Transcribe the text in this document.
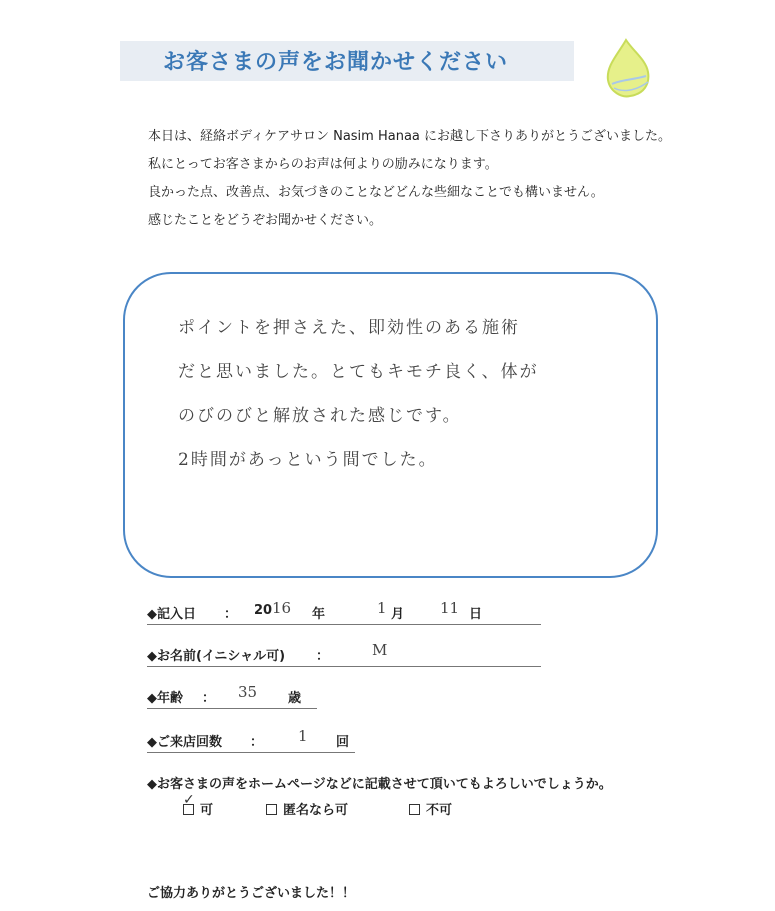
お客さまの声をお聞かせください
本日は、経絡ボディケアサロン Nasim Hanaa にお越し下さりありがとうございました。
私にとってお客さまからのお声は何よりの励みになります。
良かった点、改善点、お気づきのことなどどんな些細なことでも構いません。
感じたことをどうぞお聞かせください。
ポイントを押さえた、即効性のある施術
だと思いました。とてもキモチ良く、体が
のびのびと解放された感じです。
2時間があっという間でした。
◆記入日 ： 20 16 年	1 月 11 日
◆お名前(イニシャル可) ：	M
◆年齢 ： 35 歳
◆ご来店回数 ： 1 回
◆お客さまの声をホームページなどに記載させて頂いてもよろしいでしょうか。
可
✓
匿名なら可	不可
ご協力ありがとうございました！！
